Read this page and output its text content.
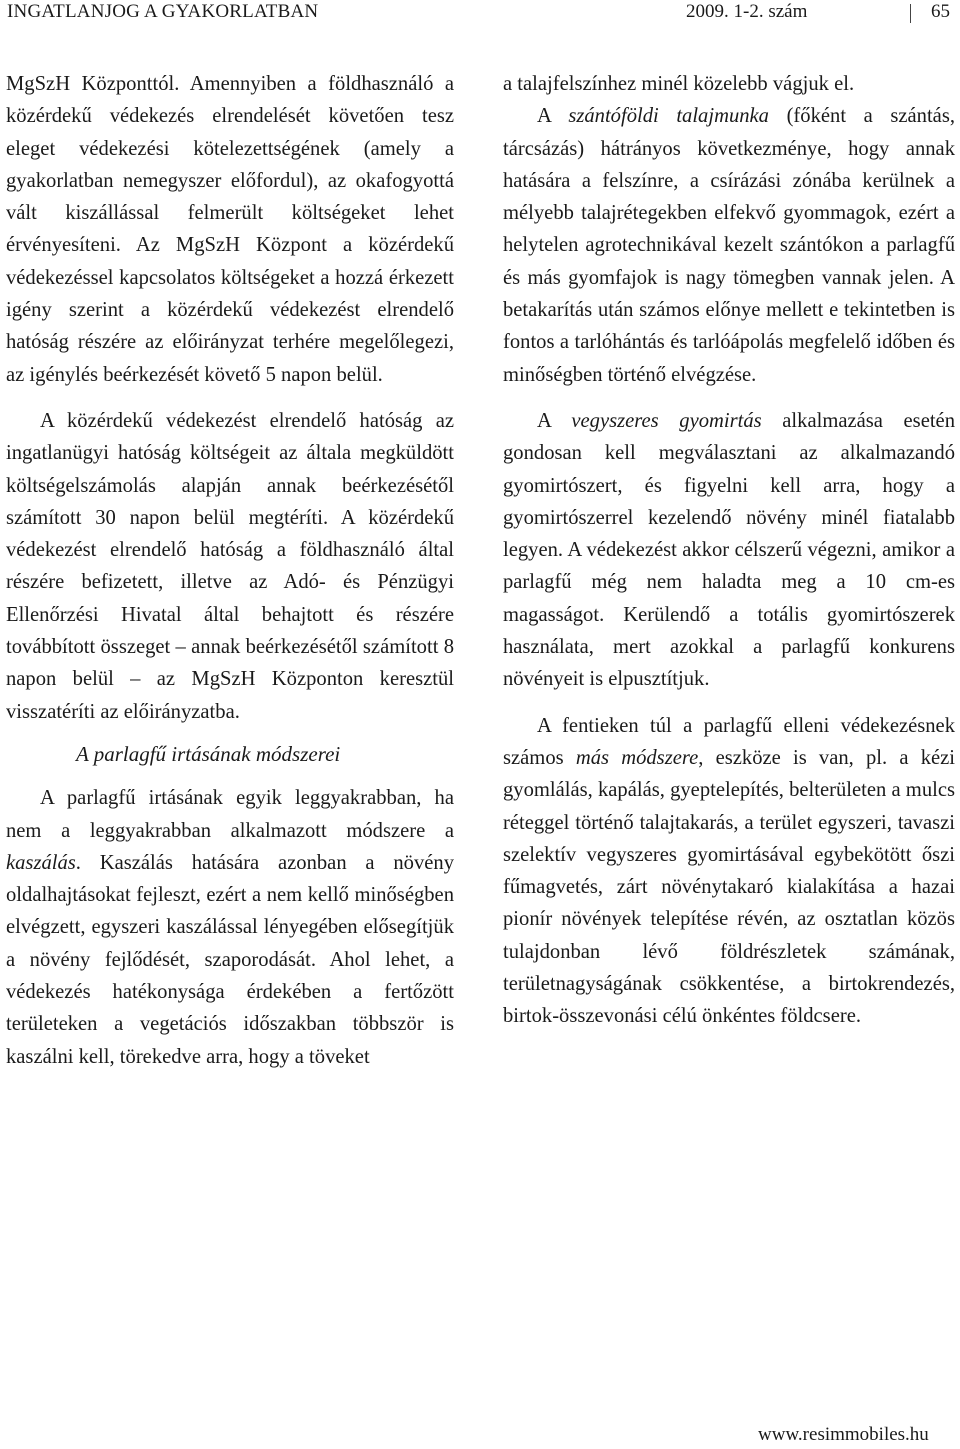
INGATLANJOG A GYAKORLATBAN	2009. 1-2. szám	65

MgSzH Központtól. Amennyiben a földhasználó a közérdekű védekezés elrendelését követően tesz eleget védekezési kötelezettségének (amely a gyakorlatban nemegyszer előfordul), az okafogyottá vált kiszállással felmerült költségeket lehet érvényesíteni. Az MgSzH Központ a közérdekű védekezéssel kapcsolatos költségeket a hozzá érkezett igény szerint a közérdekű védekezést elrendelő hatóság részére az előirányzat terhére megelőlegezi, az igénylés beérkezését követő 5 napon belül.

A közérdekű védekezést elrendelő hatóság az ingatlanügyi hatóság költségeit az általa megküldött költségelszámolás alapján annak beérkezésétől számított 30 napon belül megtéríti. A közérdekű védekezést elrendelő hatóság a földhasználó által részére befizetett, illetve az Adó- és Pénzügyi Ellenőrzési Hivatal által behajtott és részére továbbított összeget – annak beérkezésétől számított 8 napon belül – az MgSzH Központon keresztül visszatéríti az előirányzatba.

A parlagfű irtásának módszerei

A parlagfű irtásának egyik leggyakrabban, ha nem a leggyakrabban alkalmazott módszere a kaszálás. Kaszálás hatására azonban a növény oldalhajtásokat fejleszt, ezért a nem kellő minőségben elvégzett, egyszeri kaszálással lényegében elősegítjük a növény fejlődését, szaporodását. Ahol lehet, a védekezés hatékonysága érdekében a fertőzött területeken a vegetációs időszakban többször is kaszálni kell, törekedve arra, hogy a töveket

a talajfelszínhez minél közelebb vágjuk el.

A szántóföldi talajmunka (főként a szántás, tárcsázás) hátrányos következménye, hogy annak hatására a felszínre, a csírázási zónába kerülnek a mélyebb talajrétegekben elfekvő gyommagok, ezért a helytelen agrotechnikával kezelt szántókon a parlagfű és más gyomfajok is nagy tömegben vannak jelen. A betakarítás után számos előnye mellett e tekintetben is fontos a tarlóhántás és tarlóápolás megfelelő időben és minőségben történő elvégzése.

A vegyszeres gyomirtás alkalmazása esetén gondosan kell megválasztani az alkalmazandó gyomirtószert, és figyelni kell arra, hogy a gyomirtószerrel kezelendő növény minél fiatalabb legyen. A védekezést akkor célszerű végezni, amikor a parlagfű még nem haladta meg a 10 cm-es magasságot. Kerülendő a totális gyomirtószerek használata, mert azokkal a parlagfű konkurens növényeit is elpusztítjuk.

A fentieken túl a parlagfű elleni védekezésnek számos más módszere, eszköze is van, pl. a kézi gyomlálás, kapálás, gyeptelepítés, belterületen a mulcs réteggel történő talajtakarás, a terület egyszeri, tavaszi szelektív vegyszeres gyomirtásával egybekötött őszi fűmagvetés, zárt növénytakaró kialakítása a hazai pionír növények telepítése révén, az osztatlan közös tulajdonban lévő földrészletek számának, területnagyságának csökkentése, a birtokrendezés, birtok-összevonási célú önkéntes földcsere.

www.resimmobiles.hu
